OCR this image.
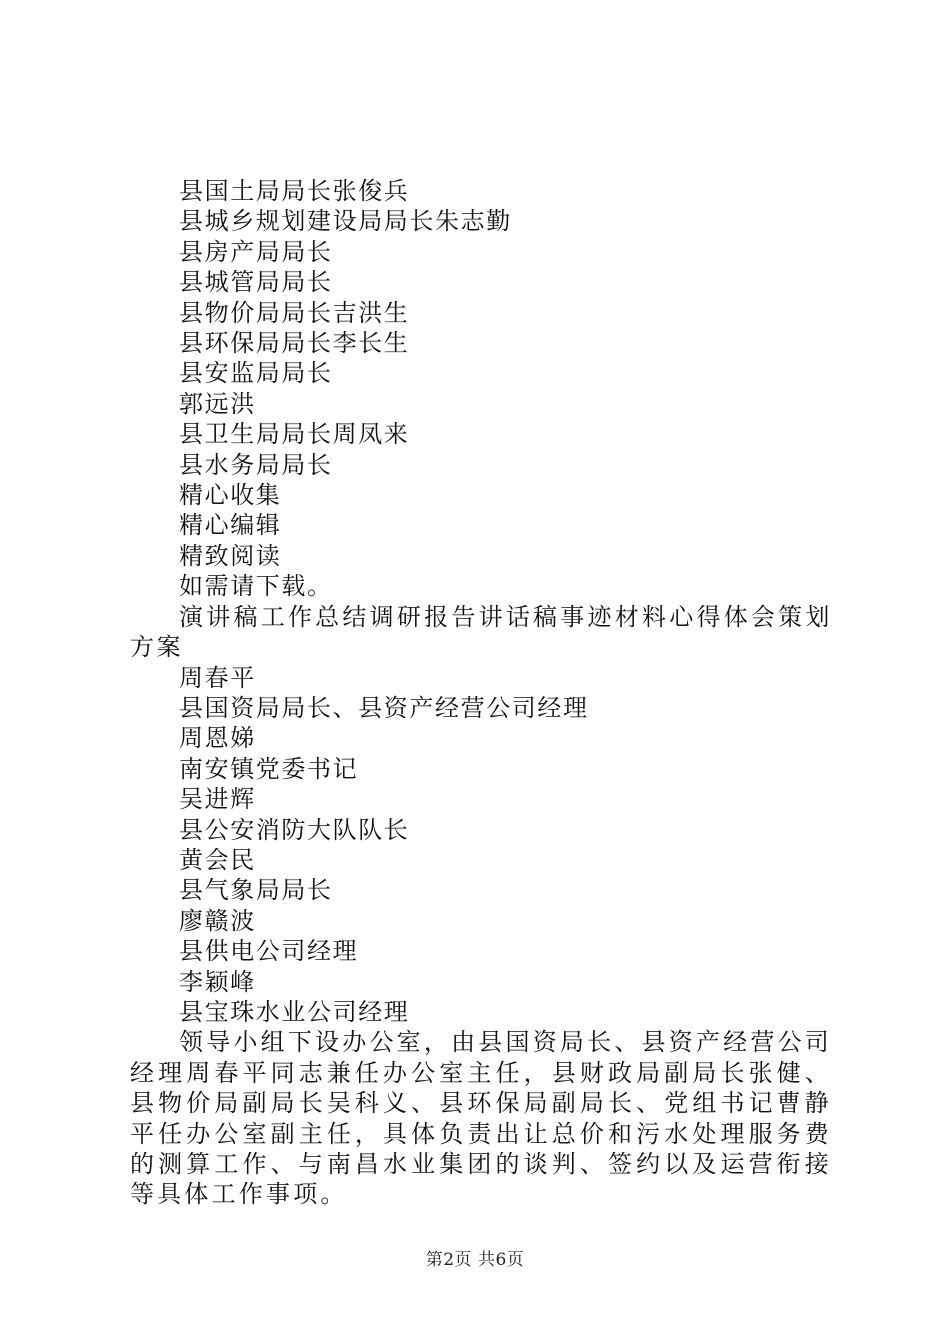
县国土局局长张俊兵
县城乡规划建设局局长朱志勤
县房产局局长
县城管局局长
县物价局局长吉洪生
县环保局局长李长生
县安监局局长
郭远洪
县卫生局局长周凤来
县水务局局长
精心收集
精心编辑
精致阅读
如需请下载。
演讲稿工作总结调研报告讲话稿事迹材料心得体会策划方案
周春平
县国资局局长、县资产经营公司经理
周恩娣
南安镇党委书记
吴进辉
县公安消防大队队长
黄会民
县气象局局长
廖赣波
县供电公司经理
李颖峰
县宝珠水业公司经理
领导小组下设办公室，由县国资局长、县资产经营公司经理周春平同志兼任办公室主任，县财政局副局长张健、县物价局副局长吴科义、县环保局副局长、党组书记曹静平任办公室副主任，具体负责出让总价和污水处理服务费的测算工作、与南昌水业集团的谈判、签约以及运营衔接等具体工作事项。
第2页 共6页
